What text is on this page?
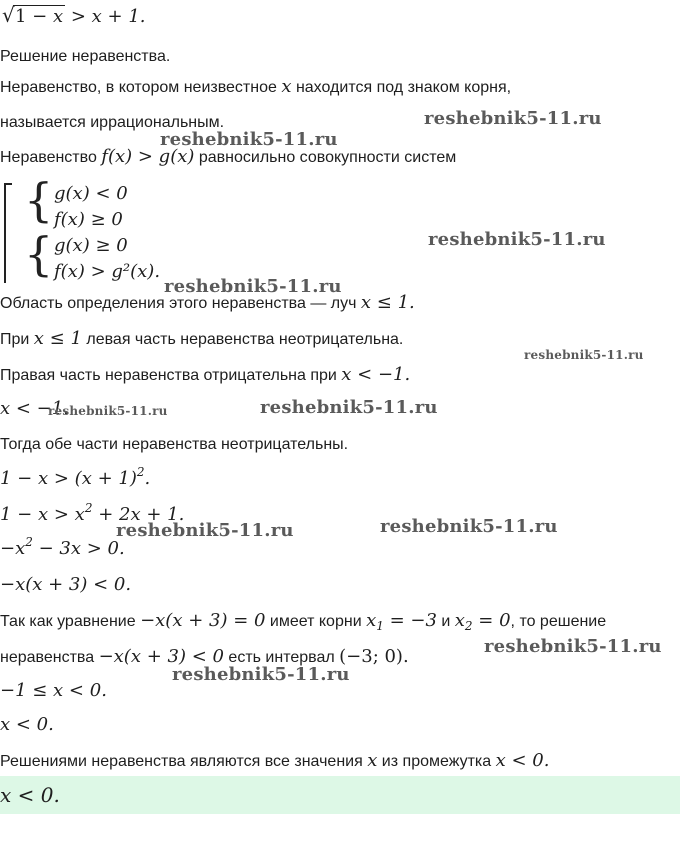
√ 1 − x > x + 1.
Решение неравенства.
Неравенство, в котором неизвестное x находится под знаком корня,
называется иррациональным.
Неравенство f(x) > g(x) равносильно совокупности систем
{
{
g(x) < 0
f(x) ≥ 0
g(x) ≥ 0
f(x) > g²(x).
Область определения этого неравенства — луч x ≤ 1.
При x ≤ 1 левая часть неравенства неотрицательна.
Правая часть неравенства отрицательна при x < −1.
x < −1.
Тогда обе части неравенства неотрицательны.
$1 - x > (x + 1)^2$.
$1 - x > x^2 + 2x + 1$.
$-x^2 - 3x > 0$.
−x(x + 3) < 0.
Так как уравнение −x(x + 3) = 0 имеет корни $x_1 = -3$ и $x_2 = 0$, то решение
неравенства −x(x + 3) < 0 есть интервал (−3; 0).
−1 ≤ x < 0.
x < 0.
Решениями неравенства являются все значения x из промежутка x < 0.
x < 0.
reshebnik5-11.ru
reshebnik5-11.ru
reshebnik5-11.ru
reshebnik5-11.ru
reshebnik5-11.ru
reshebnik5-11.ru	reshebnik5-11.ru
reshebnik5-11.ru	reshebnik5-11.ru
reshebnik5-11.ru
reshebnik5-11.ru
